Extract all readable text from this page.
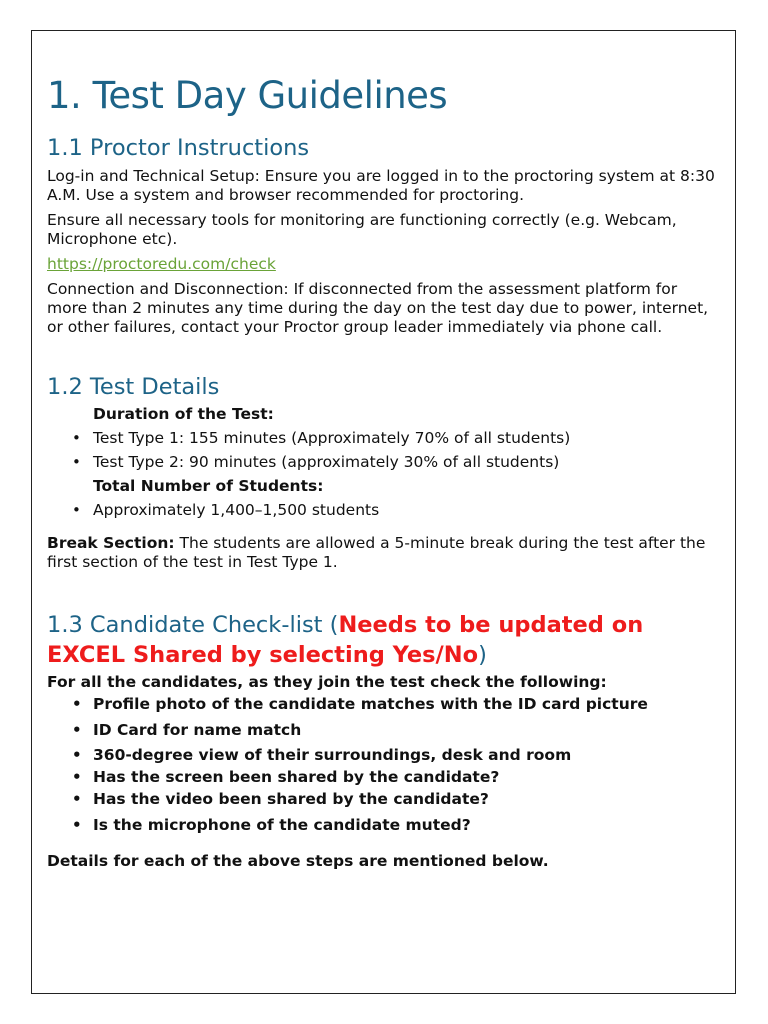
1. Test Day Guidelines
1.1 Proctor Instructions

Log-in and Technical Setup: Ensure you are logged in to the proctoring system at 8:30 A.M. Use a system and browser recommended for proctoring.

Ensure all necessary tools for monitoring are functioning correctly (e.g. Webcam, Microphone etc).

https://proctoredu.com/check

Connection and Disconnection: If disconnected from the assessment platform for more than 2 minutes any time during the day on the test day due to power, internet, or other failures, contact your Proctor group leader immediately via phone call.

1.2 Test Details
Duration of the Test:
• Test Type 1: 155 minutes (Approximately 70% of all students)
• Test Type 2: 90 minutes (approximately 30% of all students)
Total Number of Students:
• Approximately 1,400–1,500 students

Break Section: The students are allowed a 5-minute break during the test after the first section of the test in Test Type 1.

1.3 Candidate Check-list (Needs to be updated on EXCEL Shared by selecting Yes/No)

For all the candidates, as they join the test check the following:

• Profile photo of the candidate matches with the ID card picture
• ID Card for name match
• 360-degree view of their surroundings, desk and room
• Has the screen been shared by the candidate?
• Has the video been shared by the candidate?
• Is the microphone of the candidate muted?

Details for each of the above steps are mentioned below.
